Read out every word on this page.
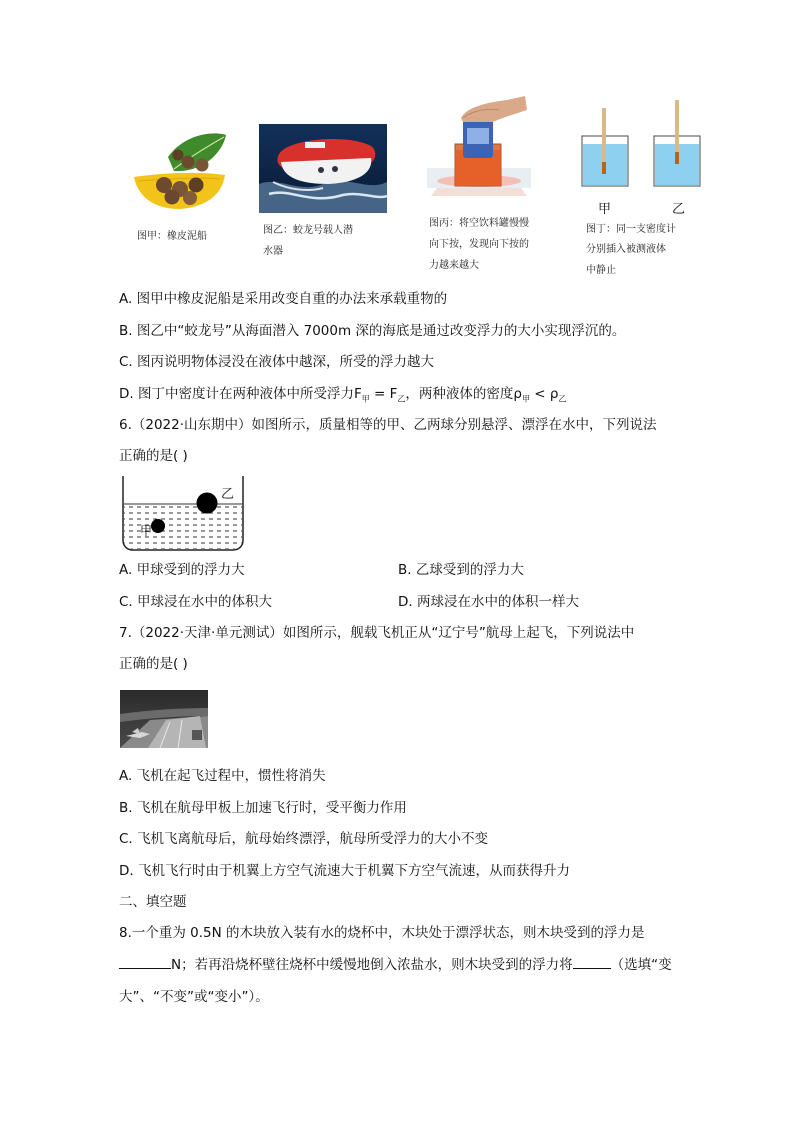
图甲：橡皮泥船
图乙：蛟龙号载人潜
水器
图丙：将空饮料罐慢慢
向下按，发现向下按的
力越来越大
甲	乙
图丁：同一支密度计
分别插入被测液体
中静止
A. 图甲中橡皮泥船是采用改变自重的办法来承载重物的
B. 图乙中“蛟龙号”从海面潜入 7000m 深的海底是通过改变浮力的大小实现浮沉的。
C. 图丙说明物体浸没在液体中越深，所受的浮力越大
D. 图丁中密度计在两种液体中所受浮力$F_甲 = F_乙$，两种液体的密度$\rho_甲 < \rho_乙$
6.（2022·山东期中）如图所示，质量相等的甲、乙两球分别悬浮、漂浮在水中，下列说法
正确的是( )
乙
甲
A. 甲球受到的浮力大	B. 乙球受到的浮力大
C. 甲球浸在水中的体积大	D. 两球浸在水中的体积一样大
7.（2022·天津·单元测试）如图所示，舰载飞机正从“辽宁号”航母上起飞，下列说法中
正确的是( )
A. 飞机在起飞过程中，惯性将消失
B. 飞机在航母甲板上加速飞行时，受平衡力作用
C. 飞机飞离航母后，航母始终漂浮，航母所受浮力的大小不变
D. 飞机飞行时由于机翼上方空气流速大于机翼下方空气流速，从而获得升力
二、填空题
8.一个重为 0.5N 的木块放入装有水的烧杯中，木块处于漂浮状态，则木块受到的浮力是
N；若再沿烧杯壁往烧杯中缓慢地倒入浓盐水，则木块受到的浮力将	（选填“变
大”、“不变”或“变小”）。
